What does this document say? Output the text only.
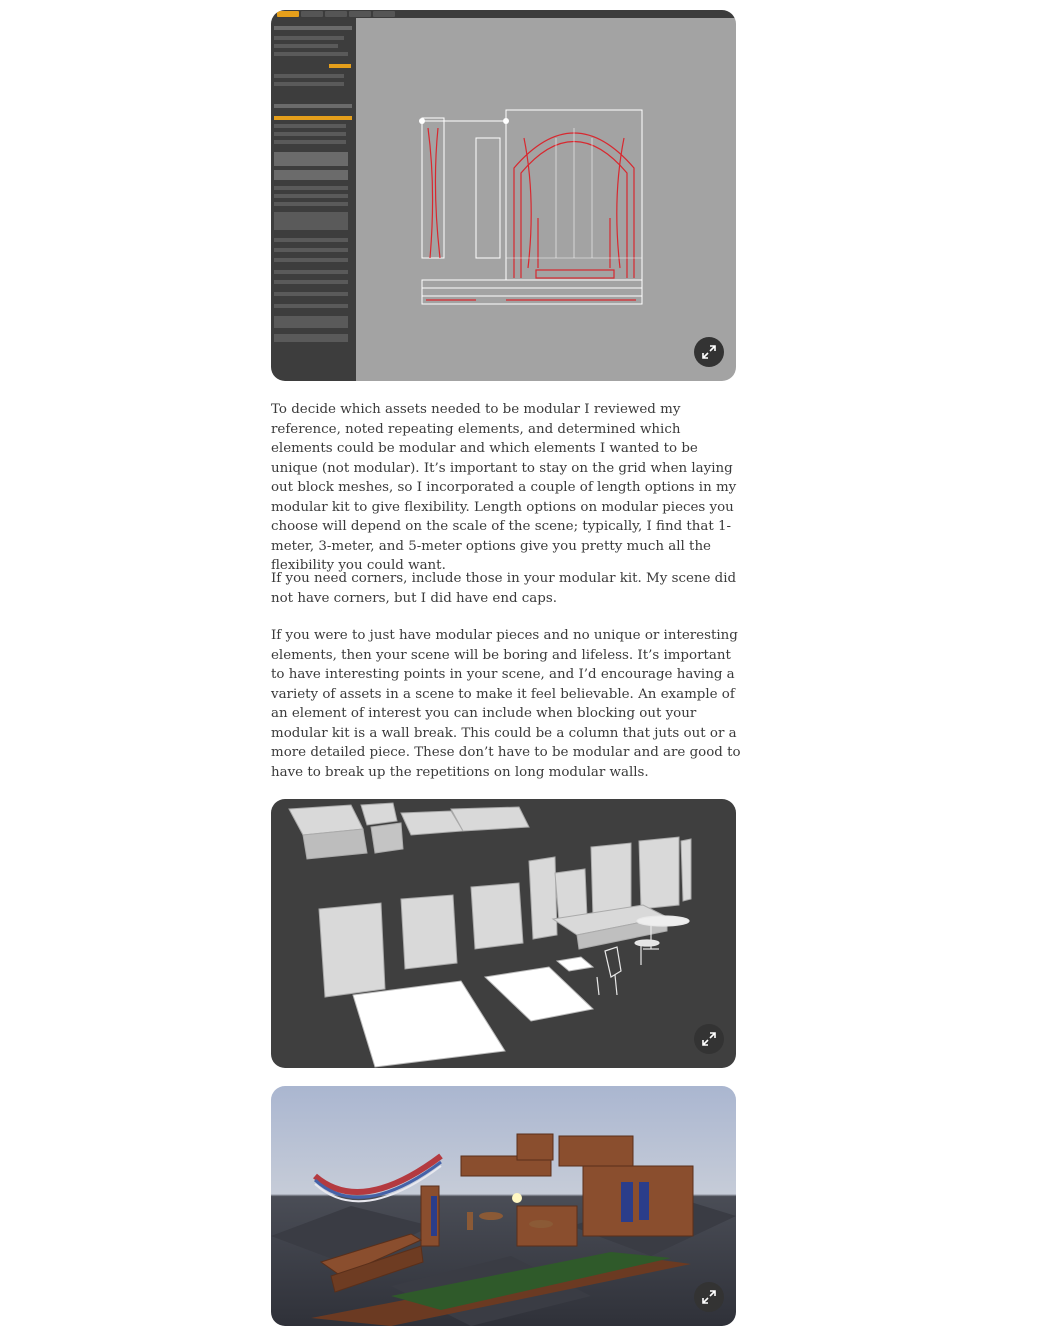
To decide which assets needed to be modular I reviewed my reference, noted repeating elements, and determined which elements could be modular and which elements I wanted to be unique (not modular). It’s important to stay on the grid when laying out block meshes, so I incorporated a couple of length options in my modular kit to give flexibility. Length options on modular pieces you choose will depend on the scale of the scene; typically, I find that 1-meter, 3-meter, and 5-meter options give you pretty much all the flexibility you could want.

If you need corners, include those in your modular kit. My scene did not have corners, but I did have end caps.

If you were to just have modular pieces and no unique or interesting elements, then your scene will be boring and lifeless. It’s important to have interesting points in your scene, and I’d encourage having a variety of assets in a scene to make it feel believable. An example of an element of interest you can include when blocking out your modular kit is a wall break. This could be a column that juts out or a more detailed piece. These don’t have to be modular and are good to have to break up the repetitions on long modular walls.
